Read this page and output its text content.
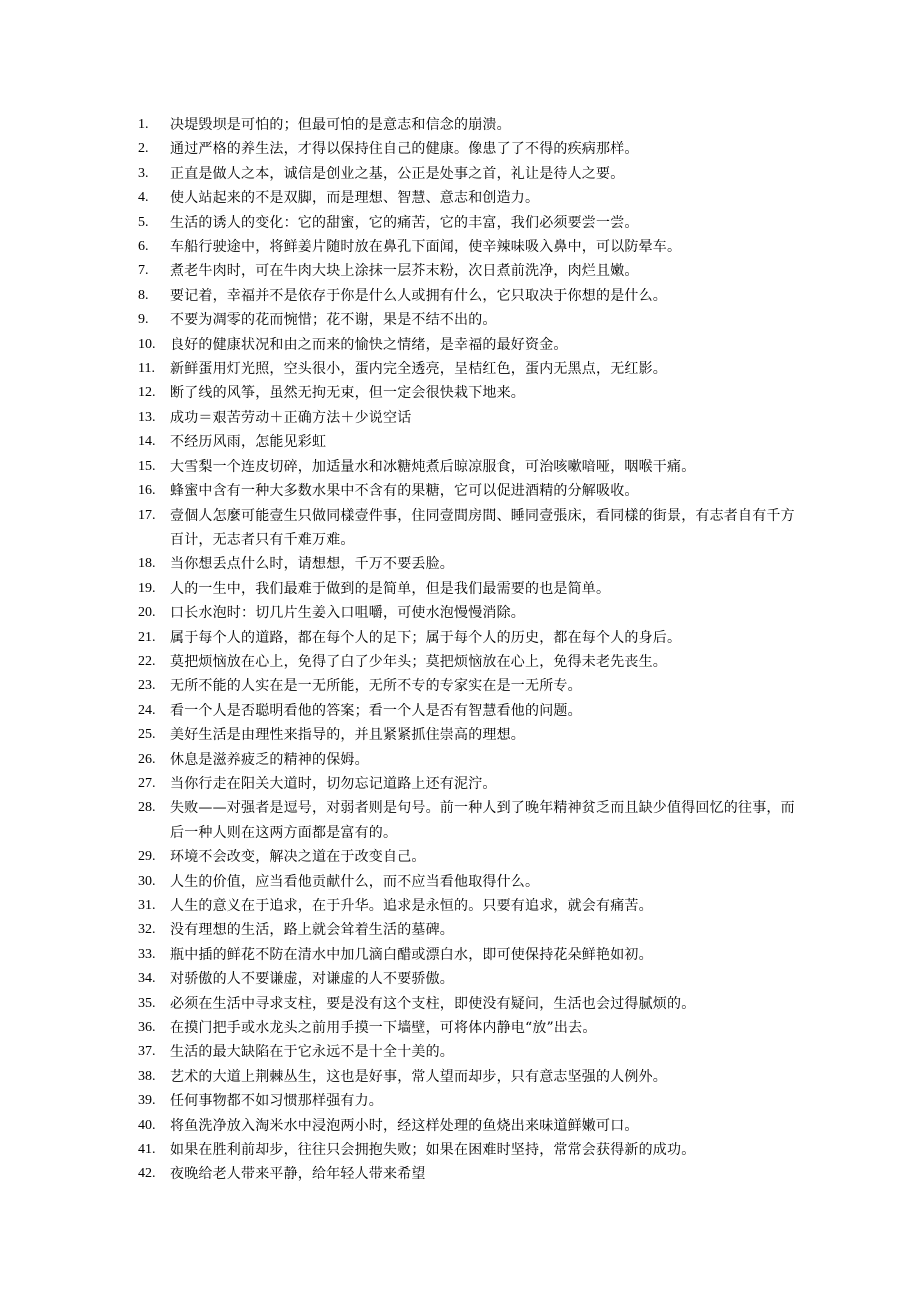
1.	决堤毁坝是可怕的；但最可怕的是意志和信念的崩溃。
2.	通过严格的养生法，才得以保持住自己的健康。像患了了不得的疾病那样。
3.	正直是做人之本，诚信是创业之基，公正是处事之首，礼让是待人之要。
4.	使人站起来的不是双脚，而是理想、智慧、意志和创造力。
5.	生活的诱人的变化：它的甜蜜，它的痛苦，它的丰富，我们必须要尝一尝。
6.	车船行驶途中，将鲜姜片随时放在鼻孔下面闻，使辛辣味吸入鼻中，可以防晕车。
7.	煮老牛肉时，可在牛肉大块上涂抹一层芥末粉，次日煮前洗净，肉烂且嫩。
8.	要记着，幸福并不是依存于你是什么人或拥有什么，它只取决于你想的是什么。
9.	不要为凋零的花而惋惜；花不谢，果是不结不出的。
10.	良好的健康状况和由之而来的愉快之情绪，是幸福的最好资金。
11.	新鲜蛋用灯光照，空头很小，蛋内完全透亮，呈桔红色，蛋内无黑点，无红影。
12.	断了线的风筝，虽然无拘无束，但一定会很快栽下地来。
13.	成功＝艰苦劳动＋正确方法＋少说空话
14.	不经历风雨，怎能见彩虹
15.	大雪梨一个连皮切碎，加适量水和冰糖炖煮后晾凉服食，可治咳嗽喑哑，咽喉干痛。
16.	蜂蜜中含有一种大多数水果中不含有的果糖，它可以促进酒精的分解吸收。
17.	壹個人怎麼可能壹生只做同樣壹件事，住同壹間房間、睡同壹張床，看同樣的街景，有志者自有千方百计，无志者只有千难万难。
18.	当你想丢点什么时，请想想，千万不要丢脸。
19.	人的一生中，我们最难于做到的是简单，但是我们最需要的也是简单。
20.	口长水泡时：切几片生姜入口咀嚼，可使水泡慢慢消除。
21.	属于每个人的道路，都在每个人的足下；属于每个人的历史，都在每个人的身后。
22.	莫把烦恼放在心上，免得了白了少年头；莫把烦恼放在心上，免得未老先丧生。
23.	无所不能的人实在是一无所能，无所不专的专家实在是一无所专。
24.	看一个人是否聪明看他的答案；看一个人是否有智慧看他的问题。
25.	美好生活是由理性来指导的，并且紧紧抓住崇高的理想。
26.	休息是滋养疲乏的精神的保姆。
27.	当你行走在阳关大道时，切勿忘记道路上还有泥泞。
28.	失败——对强者是逗号，对弱者则是句号。前一种人到了晚年精神贫乏而且缺少值得回忆的往事，而后一种人则在这两方面都是富有的。
29.	环境不会改变，解决之道在于改变自己。
30.	人生的价值，应当看他贡献什么，而不应当看他取得什么。
31.	人生的意义在于追求，在于升华。追求是永恒的。只要有追求，就会有痛苦。
32.	没有理想的生活，路上就会耸着生活的墓碑。
33.	瓶中插的鲜花不防在清水中加几滴白醋或漂白水，即可使保持花朵鲜艳如初。
34.	对骄傲的人不要谦虚，对谦虚的人不要骄傲。
35.	必须在生活中寻求支柱，要是没有这个支柱，即使没有疑问，生活也会过得腻烦的。
36.	在摸门把手或水龙头之前用手摸一下墙壁，可将体内静电“放”出去。
37.	生活的最大缺陷在于它永远不是十全十美的。
38.	艺术的大道上荆棘丛生，这也是好事，常人望而却步，只有意志坚强的人例外。
39.	任何事物都不如习惯那样强有力。
40.	将鱼洗净放入淘米水中浸泡两小时，经这样处理的鱼烧出来味道鲜嫩可口。
41.	如果在胜利前却步，往往只会拥抱失败；如果在困难时坚持，常常会获得新的成功。
42.	夜晚给老人带来平静，给年轻人带来希望
